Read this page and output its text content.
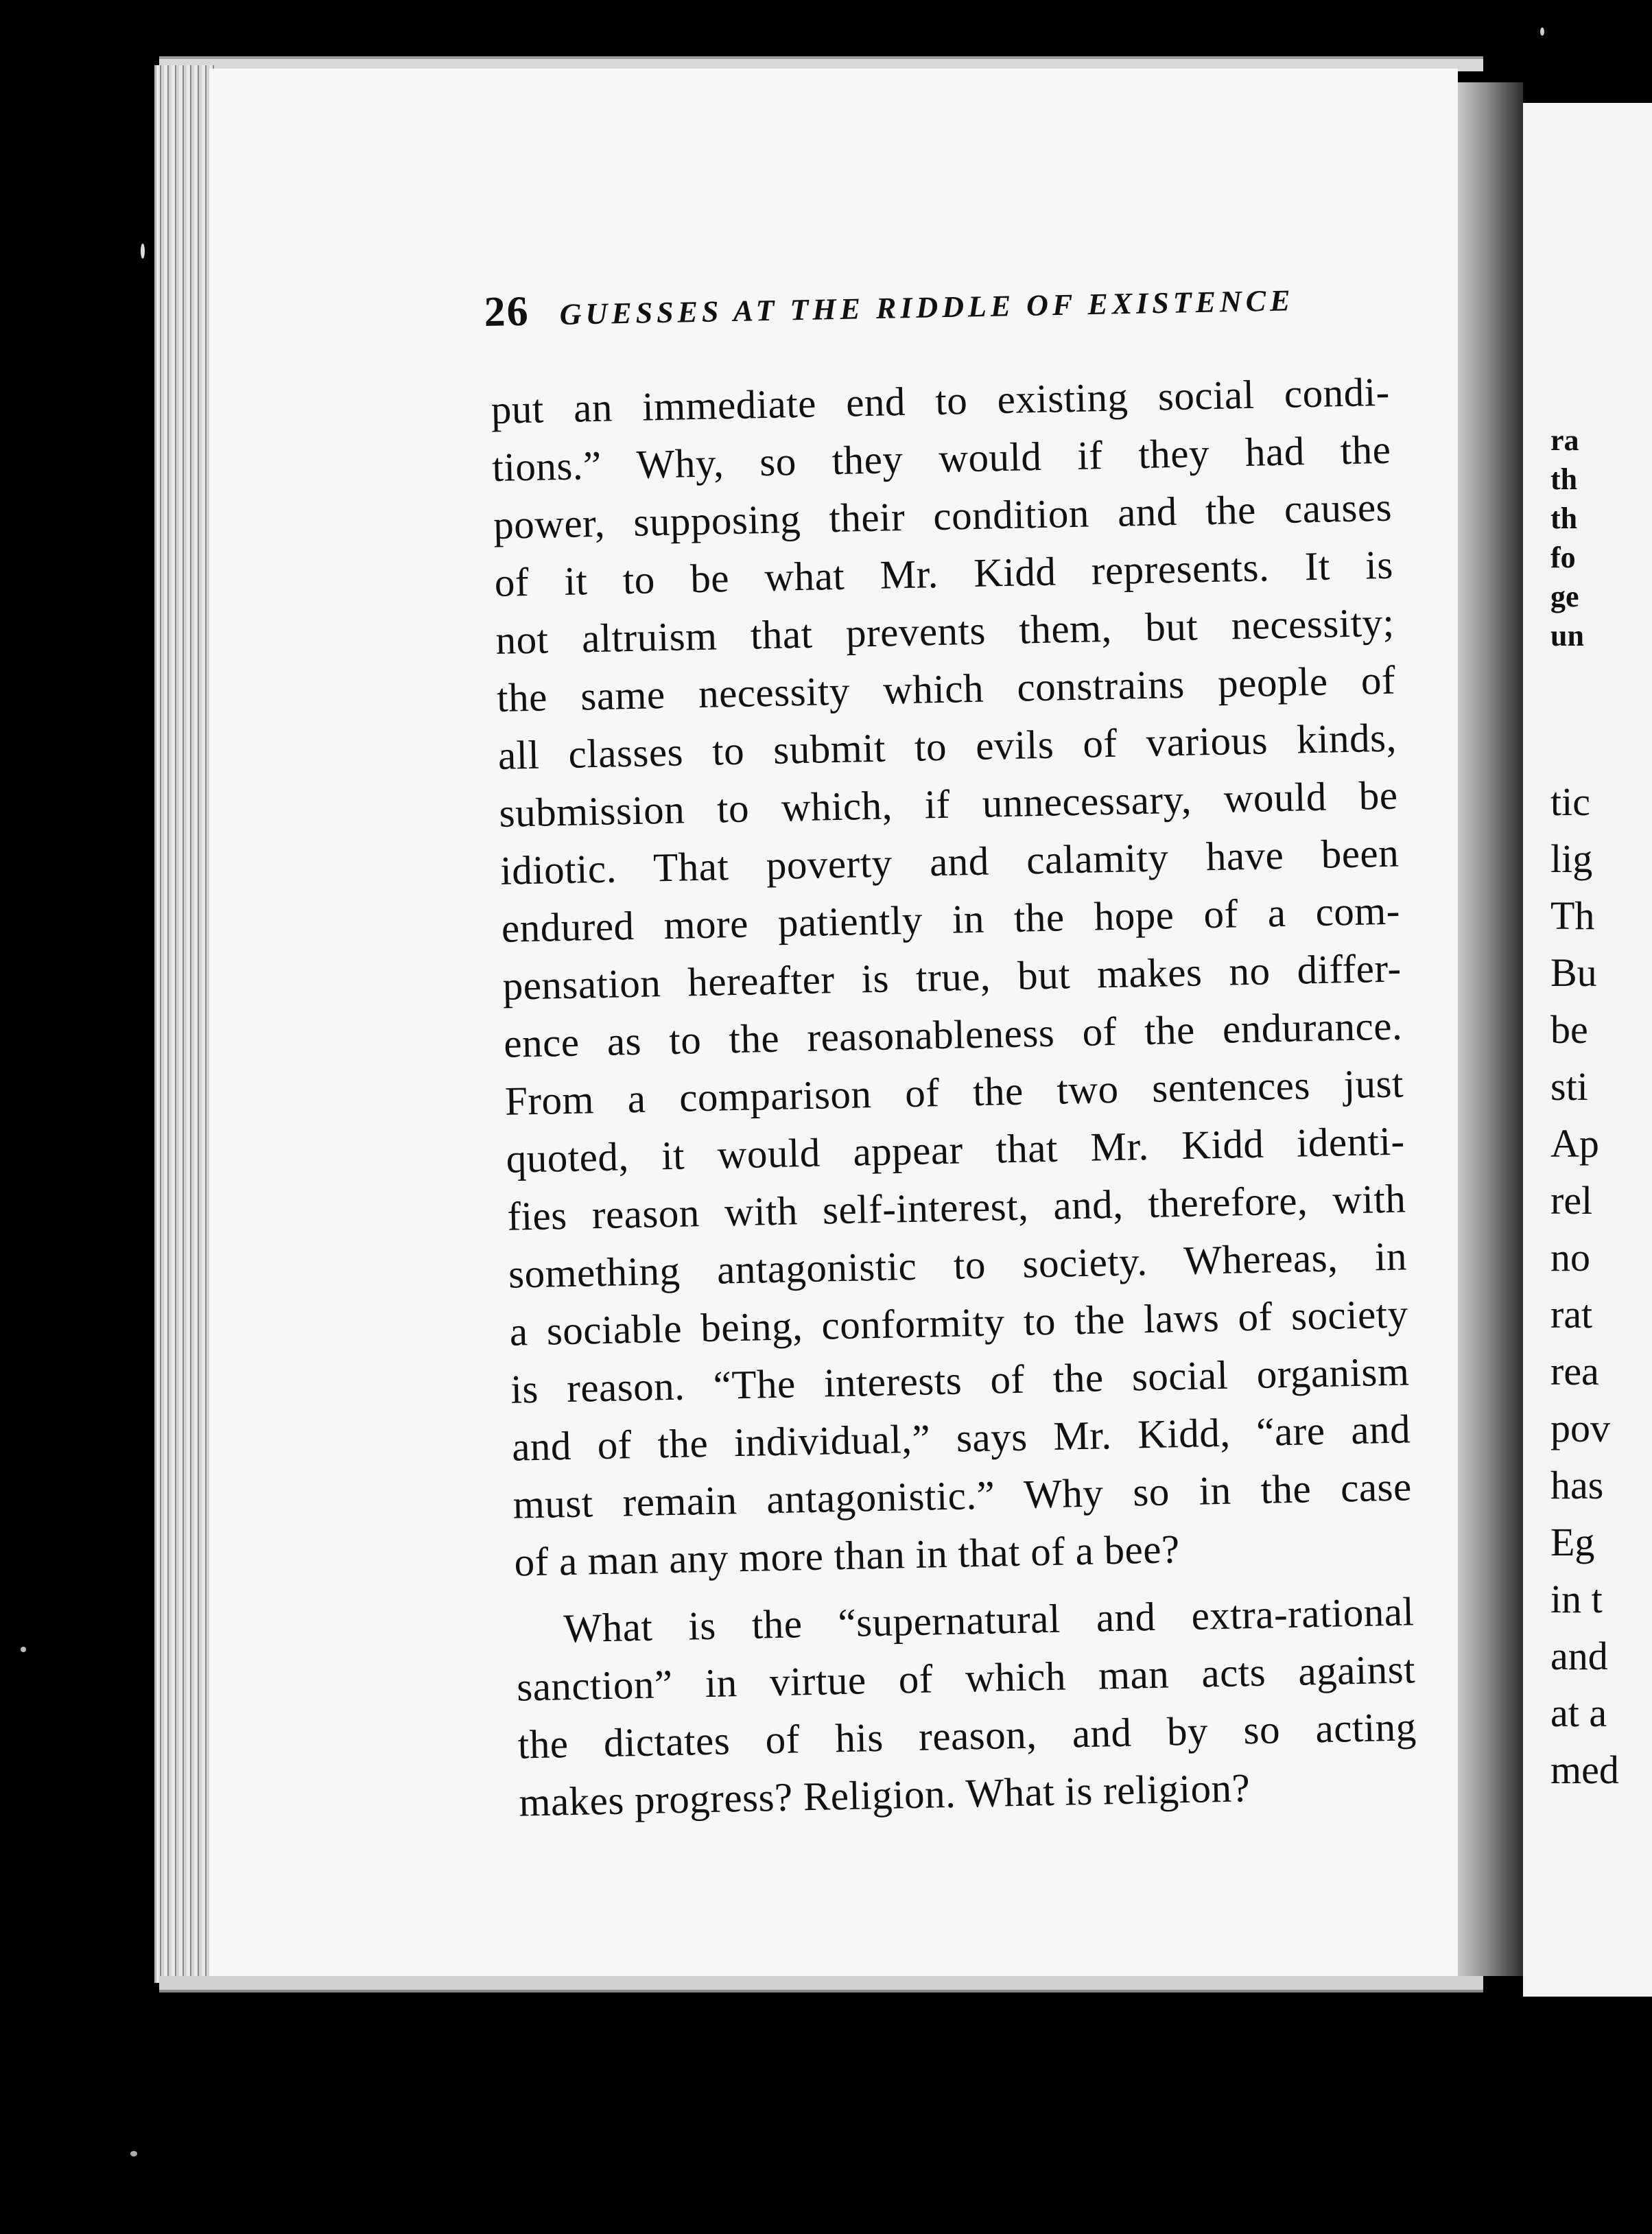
ra
th
th
fo
ge
un
tic
lig
Th
Bu
be
sti
Ap
rel
no
rat
rea
pov
has
Eg
in t
and
at a
med
26 GUESSES AT THE RIDDLE OF EXISTENCE
put an immediate end to existing social condi-
tions.” Why, so they would if they had the
power, supposing their condition and the causes
of it to be what Mr. Kidd represents. It is
not altruism that prevents them, but necessity;
the same necessity which constrains people of
all classes to submit to evils of various kinds,
submission to which, if unnecessary, would be
idiotic. That poverty and calamity have been
endured more patiently in the hope of a com-
pensation hereafter is true, but makes no differ-
ence as to the reasonableness of the endurance.
From a comparison of the two sentences just
quoted, it would appear that Mr. Kidd identi-
fies reason with self-interest, and, therefore, with
something antagonistic to society. Whereas, in
a sociable being, conformity to the laws of society
is reason. “The interests of the social organism
and of the individual,” says Mr. Kidd, “are and
must remain antagonistic.” Why so in the case
of a man any more than in that of a bee?
What is the “supernatural and extra-rational
sanction” in virtue of which man acts against
the dictates of his reason, and by so acting
makes progress? Religion. What is religion?
